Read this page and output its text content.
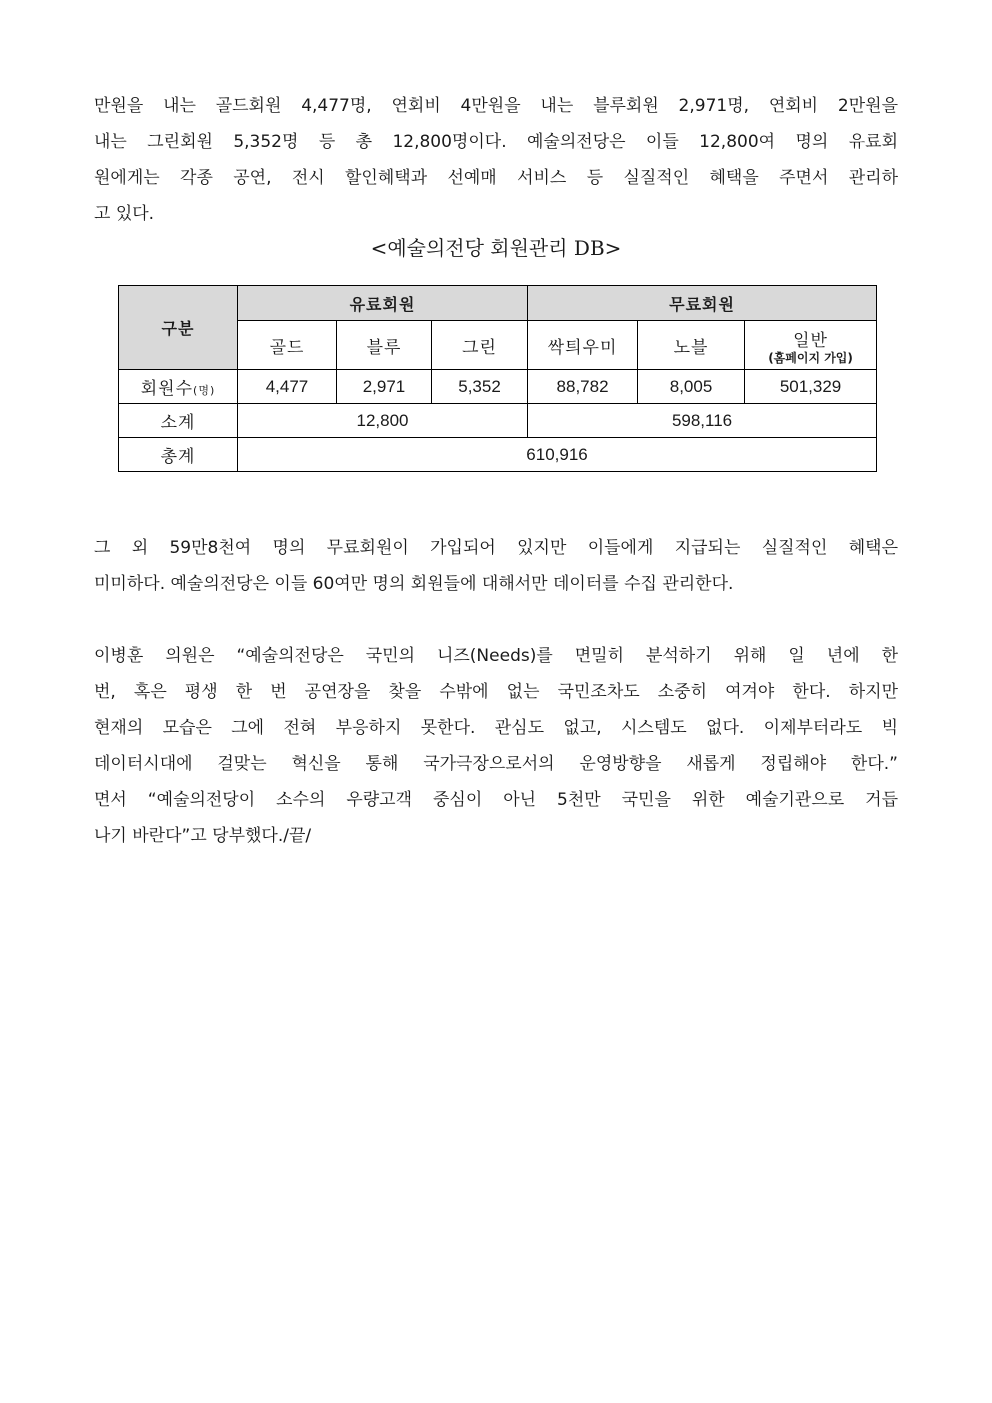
만원을 내는 골드회원 4,477명, 연회비 4만원을 내는 블루회원 2,971명, 연회비 2만원을
내는 그린회원 5,352명 등 총 12,800명이다. 예술의전당은 이들 12,800여 명의 유료회
원에게는 각종 공연, 전시 할인혜택과 선예매 서비스 등 실질적인 혜택을 주면서 관리하
고 있다.

<예술의전당 회원관리 DB>

구분	유료회원			무료회원		
	골드	블루	그린	싹틔우미	노블	일반
(홈페이지 가입)

회원수(명)	4,477	2,971	5,352	88,782	8,005	501,329
소계	12,800			598,116		
총계	610,916					
그 외 59만8천여 명의 무료회원이 가입되어 있지만 이들에게 지급되는 실질적인 혜택은
미미하다. 예술의전당은 이들 60여만 명의 회원들에 대해서만 데이터를 수집 관리한다.
이병훈 의원은 “예술의전당은 국민의 니즈(Needs)를 면밀히 분석하기 위해 일 년에 한
번, 혹은 평생 한 번 공연장을 찾을 수밖에 없는 국민조차도 소중히 여겨야 한다. 하지만
현재의 모습은 그에 전혀 부응하지 못한다. 관심도 없고, 시스템도 없다. 이제부터라도 빅
데이터시대에 걸맞는 혁신을 통해 국가극장으로서의 운영방향을 새롭게 정립해야 한다.”
면서 “예술의전당이 소수의 우량고객 중심이 아닌 5천만 국민을 위한 예술기관으로 거듭
나기 바란다”고 당부했다./끝/
